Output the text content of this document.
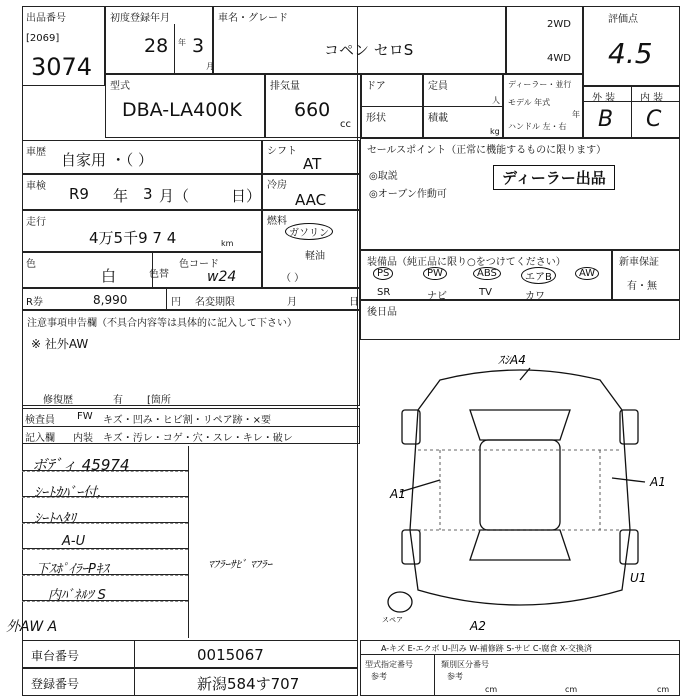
出品番号
[2069]
3074
初度登録年月
28 年 3
月
車名・グレード
コペン セロS
2WD
4WD
評価点
4.5
型式
DBA-LA400K
排気量
660
cc
ドア
形状
定員
人
積載
kg
ディーラー・並行
モデル 年式
年
ハンドル 左・右
外 装 内 装
B C
車歴 自家用 ・（ ）	シフト
AT
車検 R9 年 3 月（	日）
冷房
AAC
走行
4万5千9 7 4	km
燃料
ガソリン
軽油
（ ）
色
白	色替
色コード
w24
R券	8,990	円 名変期限	月	日
注意事項申告欄（不具合内容等は具体的に記入して下さい）
※ 社外AW
修復歴	有 [箇所
検査員 FW キズ・凹み・ヒビ割・リペア跡・×要
記入欄 内装 キズ・汚レ・コゲ・穴・スレ・キレ・破レ
ボﾃﾞィ 45974
ｼｰﾄｶﾊﾞｰ付,
ｼｰﾄﾍﾀﾘ
A-U
下ｽﾎﾟｲﾗｰPｷｽ
内ﾊﾞﾈﾙﾂ S
外AW A
ﾏﾌﾗｰｻﾋﾞ ﾏﾌﾗｰ
車台番号	0015067
登録番号	新潟584す707
セールスポイント（正常に機能するものに限ります）
◎取説
◎オーブン作動可
ディーラー出品
装備品（純正品に限り○をつけてください）
PS	PW	ABS	エアB	AW
SR	ナビ	TV	カワ
新車保証
有・無
後日品
ｽｼA4
A1
A1
U1
A2
スペア
A-キズ E-エクボ U-凹み W-補修跡 S-サビ C-腐食 X-交換済
型式指定番号	類別区分番号
参考	参考
cm	cm	cm
